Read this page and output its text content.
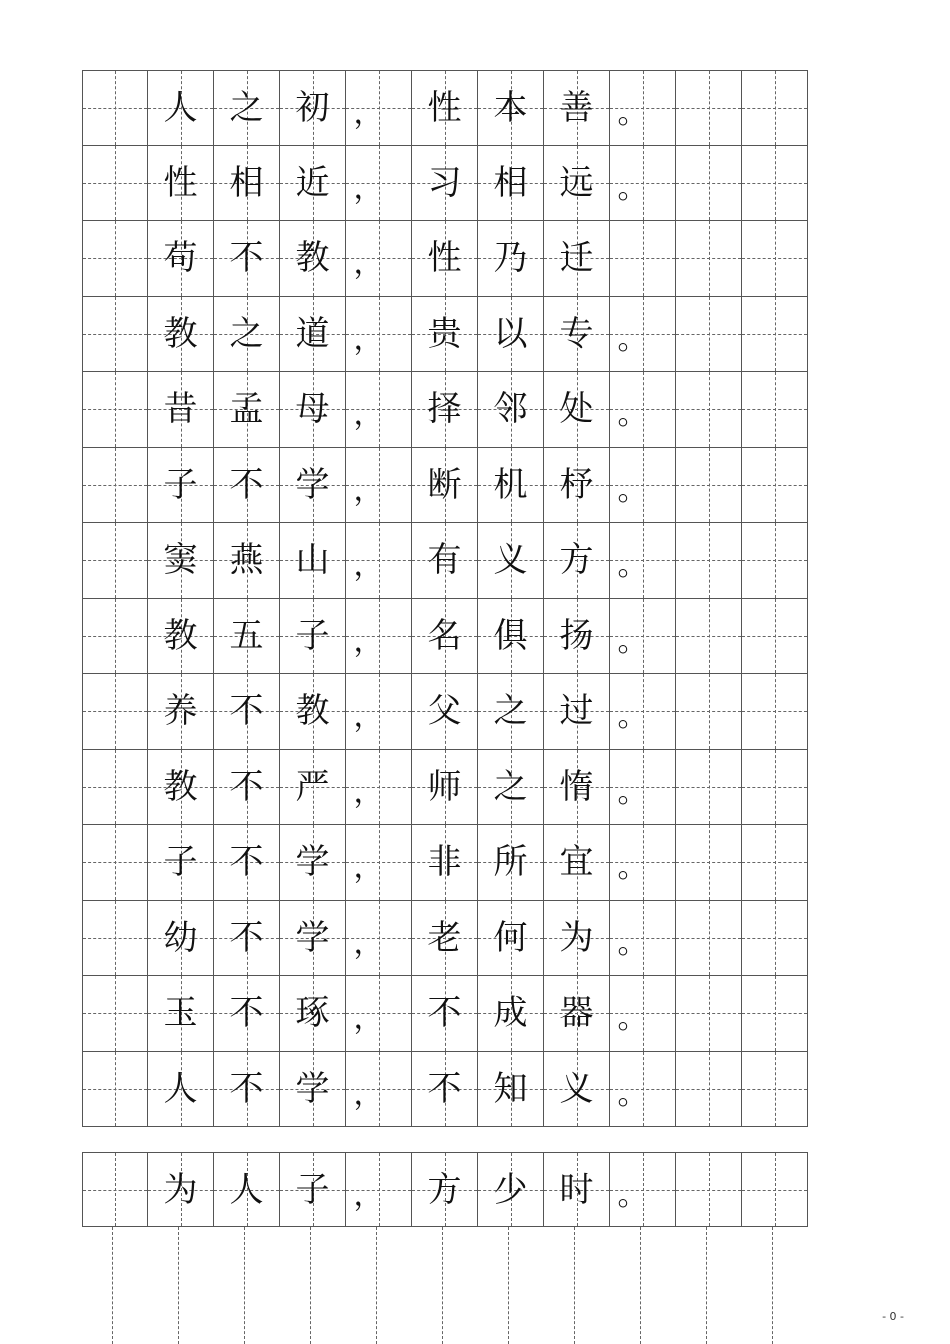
人 之 初 ， 性 本 善 。
性 相 近 ， 习 相 远 。
苟 不 教 ， 性 乃 迁
教 之 道 ， 贵 以 专 。
昔 孟 母 ， 择 邻 处 。
子 不 学 ， 断 机 杼 。
窦 燕 山 ， 有 义 方 。
教 五 子 ， 名 俱 扬 。
养 不 教 ， 父 之 过 。
教 不 严 ， 师 之 惰 。
子 不 学 ， 非 所 宜 。
幼 不 学 ， 老 何 为 。
玉 不 琢 ， 不 成 器 。
人 不 学 ， 不 知 义 。
为 人 子 ， 方 少 时 。
- 0 -
